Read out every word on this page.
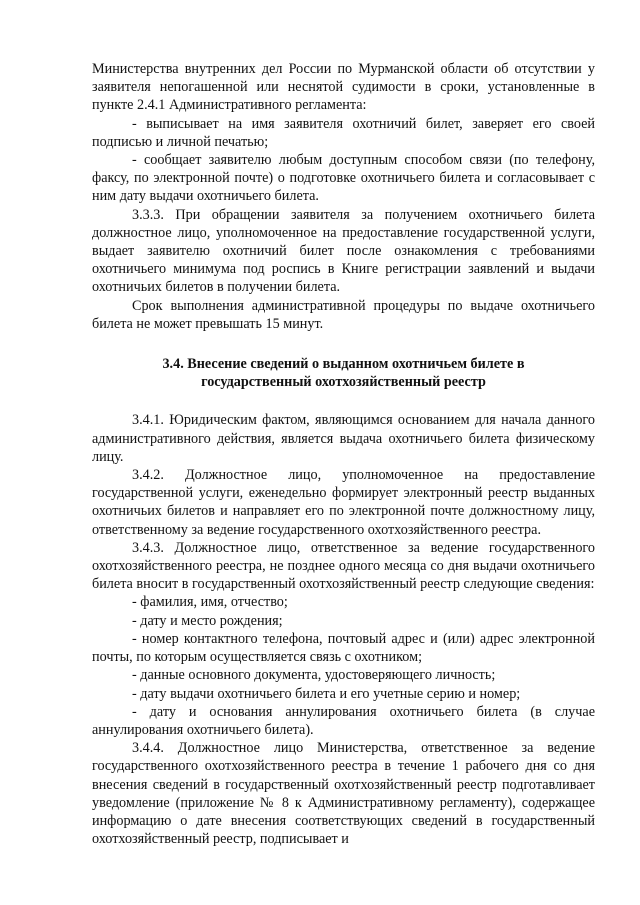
Министерства внутренних дел России по Мурманской области об отсутствии у заявителя непогашенной или неснятой судимости в сроки, установленные в пункте 2.4.1 Административного регламента:

- выписывает на имя заявителя охотничий билет, заверяет его своей подписью и личной печатью;

- сообщает заявителю любым доступным способом связи (по телефону, факсу, по электронной почте) о подготовке охотничьего билета и согласовывает с ним дату выдачи охотничьего билета.

3.3.3. При обращении заявителя за получением охотничьего билета должностное лицо, уполномоченное на предоставление государственной услуги, выдает заявителю охотничий билет после ознакомления с требованиями охотничьего минимума под роспись в Книге регистрации заявлений и выдачи охотничьих билетов в получении билета.

Срок выполнения административной процедуры по выдаче охотничьего билета не может превышать 15 минут.

3.4. Внесение сведений о выданном охотничьем билете в
государственный охотхозяйственный реестр

3.4.1. Юридическим фактом, являющимся основанием для начала данного административного действия, является выдача охотничьего билета физическому лицу.

3.4.2. Должностное лицо, уполномоченное на предоставление государственной услуги, еженедельно формирует электронный реестр выданных охотничьих билетов и направляет его по электронной почте должностному лицу, ответственному за ведение государственного охотхозяйственного реестра.

3.4.3. Должностное лицо, ответственное за ведение государственного охотхозяйственного реестра, не позднее одного месяца со дня выдачи охотничьего билета вносит в государственный охотхозяйственный реестр следующие сведения:

- фамилия, имя, отчество;

- дату и место рождения;

- номер контактного телефона, почтовый адрес и (или) адрес электронной почты, по которым осуществляется связь с охотником;

- данные основного документа, удостоверяющего личность;

- дату выдачи охотничьего билета и его учетные серию и номер;

- дату и основания аннулирования охотничьего билета (в случае аннулирования охотничьего билета).

3.4.4. Должностное лицо Министерства, ответственное за ведение государственного охотхозяйственного реестра в течение 1 рабочего дня со дня внесения сведений в государственный охотхозяйственный реестр подготавливает уведомление (приложение № 8 к Административному регламенту), содержащее информацию о дате внесения соответствующих сведений в государственный охотхозяйственный реестр, подписывает и
